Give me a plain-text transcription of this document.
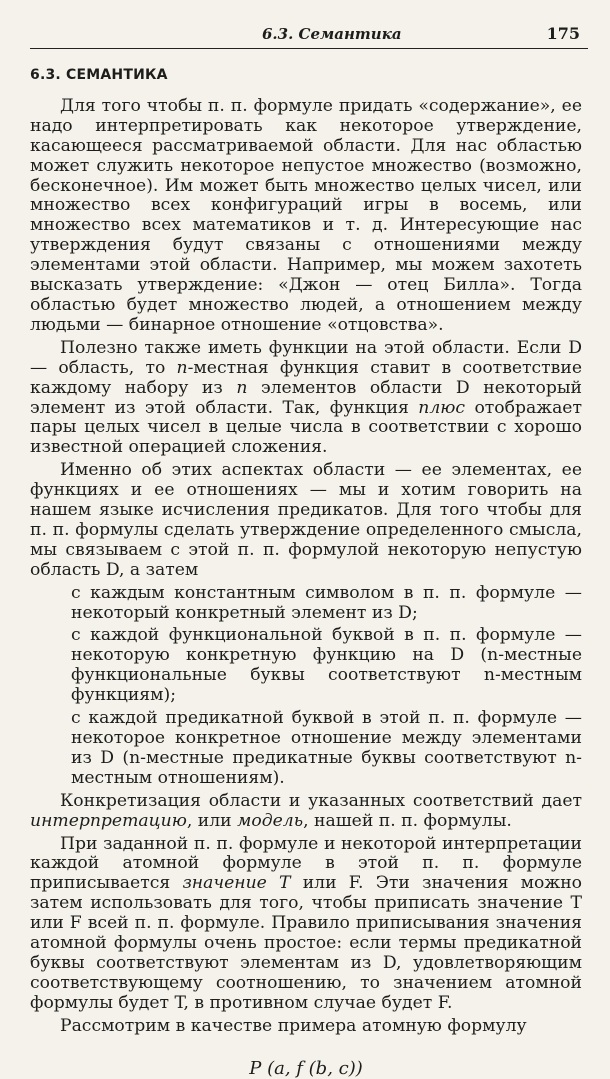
6.3. Семантика	175

6.3. СЕМАНТИКА

Для того чтобы п. п. формуле придать «содержание», ее надо интерпретировать как некоторое утверждение, касающееся рассматриваемой области. Для нас областью может служить некоторое непустое множество (возможно, бесконечное). Им может быть множество целых чисел, или множество всех конфигураций игры в восемь, или множество всех математиков и т. д. Интересующие нас утверждения будут связаны с отношениями между элементами этой области. Например, мы можем захотеть высказать утверждение: «Джон — отец Билла». Тогда областью будет множество людей, а отношением между людьми — бинарное отношение «отцовства».

Полезно также иметь функции на этой области. Если D — область, то n-местная функция ставит в соответствие каждому набору из n элементов области D некоторый элемент из этой области. Так, функция плюс отображает пары целых чисел в целые числа в соответствии с хорошо известной операцией сложения.

Именно об этих аспектах области — ее элементах, ее функциях и ее отношениях — мы и хотим говорить на нашем языке исчисления предикатов. Для того чтобы для п. п. формулы сделать утверждение определенного смысла, мы связываем с этой п. п. формулой некоторую непустую область D, а затем

с каждым константным символом в п. п. формуле — некоторый конкретный элемент из D;

с каждой функциональной буквой в п. п. формуле — некоторую конкретную функцию на D (n-местные функциональные буквы соответствуют n-местным функциям);

с каждой предикатной буквой в этой п. п. формуле — некоторое конкретное отношение между элементами из D (n-местные предикатные буквы соответствуют n-местным отношениям).

Конкретизация области и указанных соответствий дает интерпретацию, или модель, нашей п. п. формулы.

При заданной п. п. формуле и некоторой интерпретации каждой атомной формуле в этой п. п. формуле приписывается значение T или F. Эти значения можно затем использовать для того, чтобы приписать значение T или F всей п. п. формуле. Правило приписывания значения атомной формулы очень простое: если термы предикатной буквы соответствуют элементам из D, удовлетворяющим соответствующему соотношению, то значением атомной формулы будет T, в противном случае будет F.

Рассмотрим в качестве примера атомную формулу

P (a, f (b, c))
